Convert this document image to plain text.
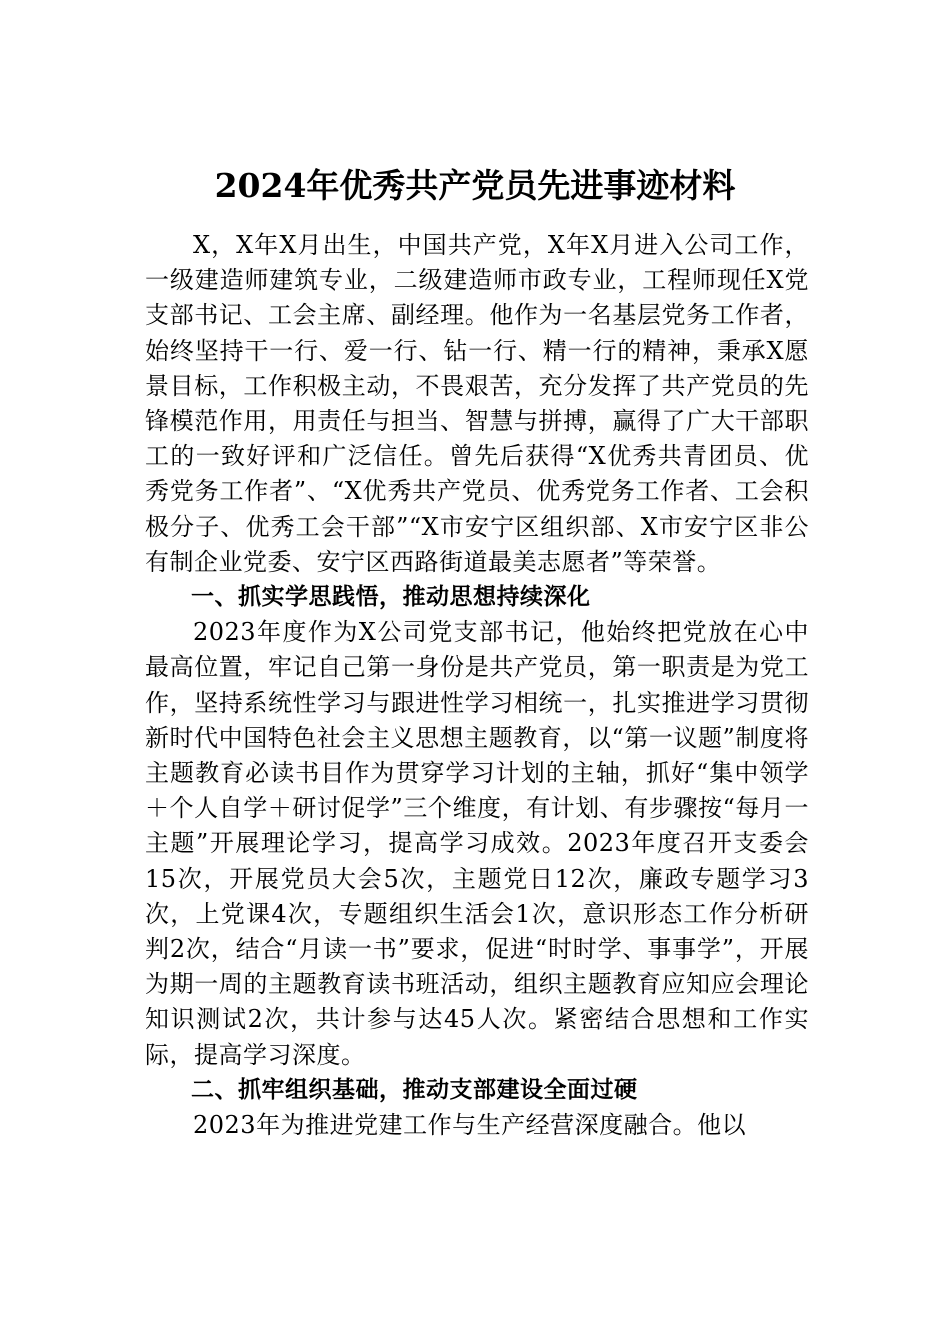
2024年优秀共产党员先进事迹材料

X，X年X月出生，中国共产党，X年X月进入公司工作，一级建造师建筑专业，二级建造师市政专业，工程师现任X党支部书记、工会主席、副经理。他作为一名基层党务工作者，始终坚持干一行、爱一行、钻一行、精一行的精神，秉承X愿景目标，工作积极主动，不畏艰苦，充分发挥了共产党员的先锋模范作用，用责任与担当、智慧与拼搏，赢得了广大干部职工的一致好评和广泛信任。曾先后获得“X优秀共青团员、优秀党务工作者”、“X优秀共产党员、优秀党务工作者、工会积极分子、优秀工会干部”“X市安宁区组织部、X市安宁区非公有制企业党委、安宁区西路街道最美志愿者”等荣誉。

一、抓实学思践悟，推动思想持续深化

2023年度作为X公司党支部书记，他始终把党放在心中最高位置，牢记自己第一身份是共产党员，第一职责是为党工作，坚持系统性学习与跟进性学习相统一，扎实推进学习贯彻新时代中国特色社会主义思想主题教育，以“第一议题”制度将主题教育必读书目作为贯穿学习计划的主轴，抓好“集中领学＋个人自学＋研讨促学”三个维度，有计划、有步骤按“每月一主题”开展理论学习，提高学习成效。2023年度召开支委会15次，开展党员大会5次，主题党日12次，廉政专题学习3次，上党课4次，专题组织生活会1次，意识形态工作分析研判2次，结合“月读一书”要求，促进“时时学、事事学”，开展为期一周的主题教育读书班活动，组织主题教育应知应会理论知识测试2次，共计参与达45人次。紧密结合思想和工作实际，提高学习深度。

二、抓牢组织基础，推动支部建设全面过硬

2023年为推进党建工作与生产经营深度融合。他以
